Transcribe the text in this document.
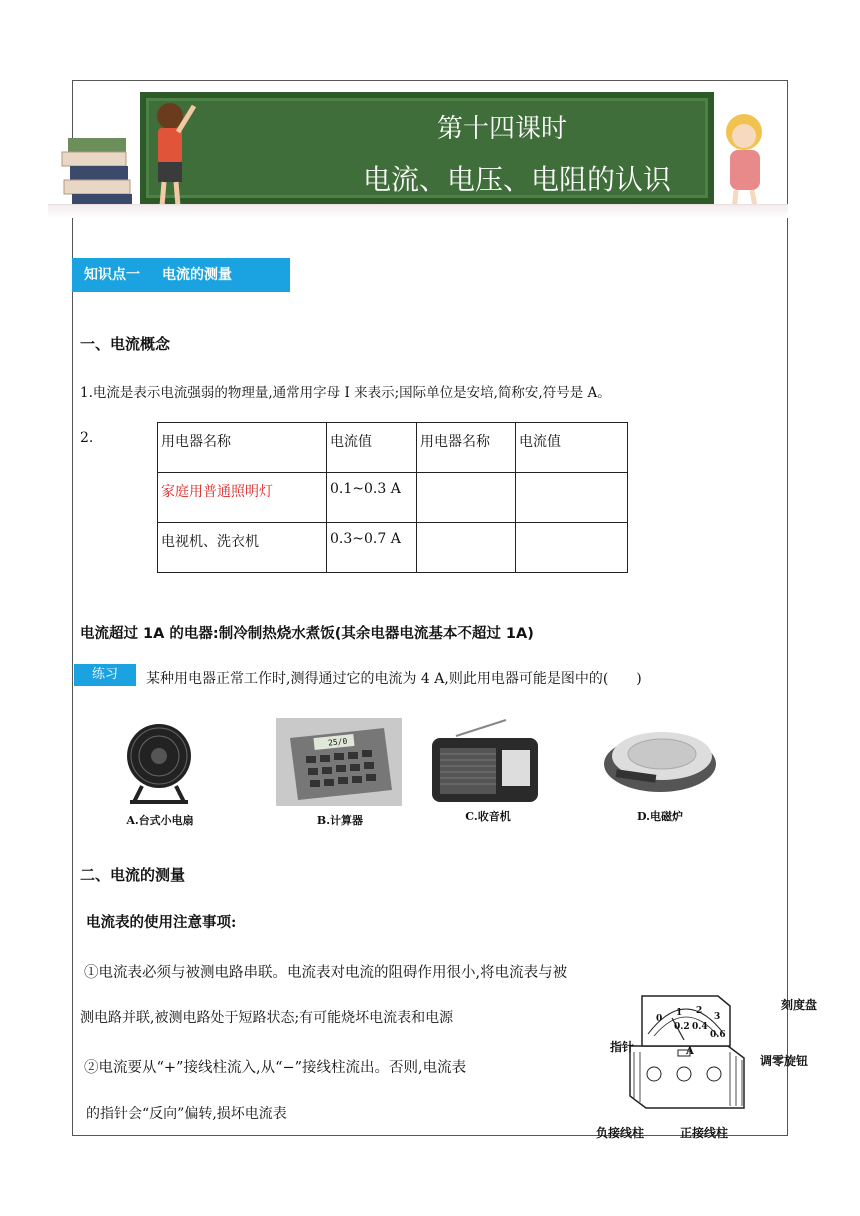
第十四课时
电流、电压、电阻的认识
知识点一 电流的测量
一、电流概念
1.电流是表示电流强弱的物理量,通常用字母 I 来表示;国际单位是安培,简称安,符号是 A。
2.	用电器名称	电流值	用电器名称	电流值
家庭用普通照明灯	0.1~0.3 A		
电视机、洗衣机	0.3~0.7 A		
电流超过 1A 的电器:制冷制热烧水煮饭(其余电器电流基本不超过 1A)
练习	某种用电器正常工作时,测得通过它的电流为 4 A,则此用电器可能是图中的(　　)
A.台式小电扇
25/0
B.计算器	C.收音机	D.电磁炉
二、电流的测量
电流表的使用注意事项:
①电流表必须与被测电路串联。电流表对电流的阻碍作用很小,将电流表与被
测电路并联,被测电路处于短路状态;有可能烧坏电流表和电源
②电流要从“+”接线柱流入,从“−”接线柱流出。否则,电流表
的指针会“反向”偏转,损坏电流表
刻度盘
指针
调零旋钮
负接线柱	正接线柱
A
0
0.2 0.4
0.6
1 2
3
